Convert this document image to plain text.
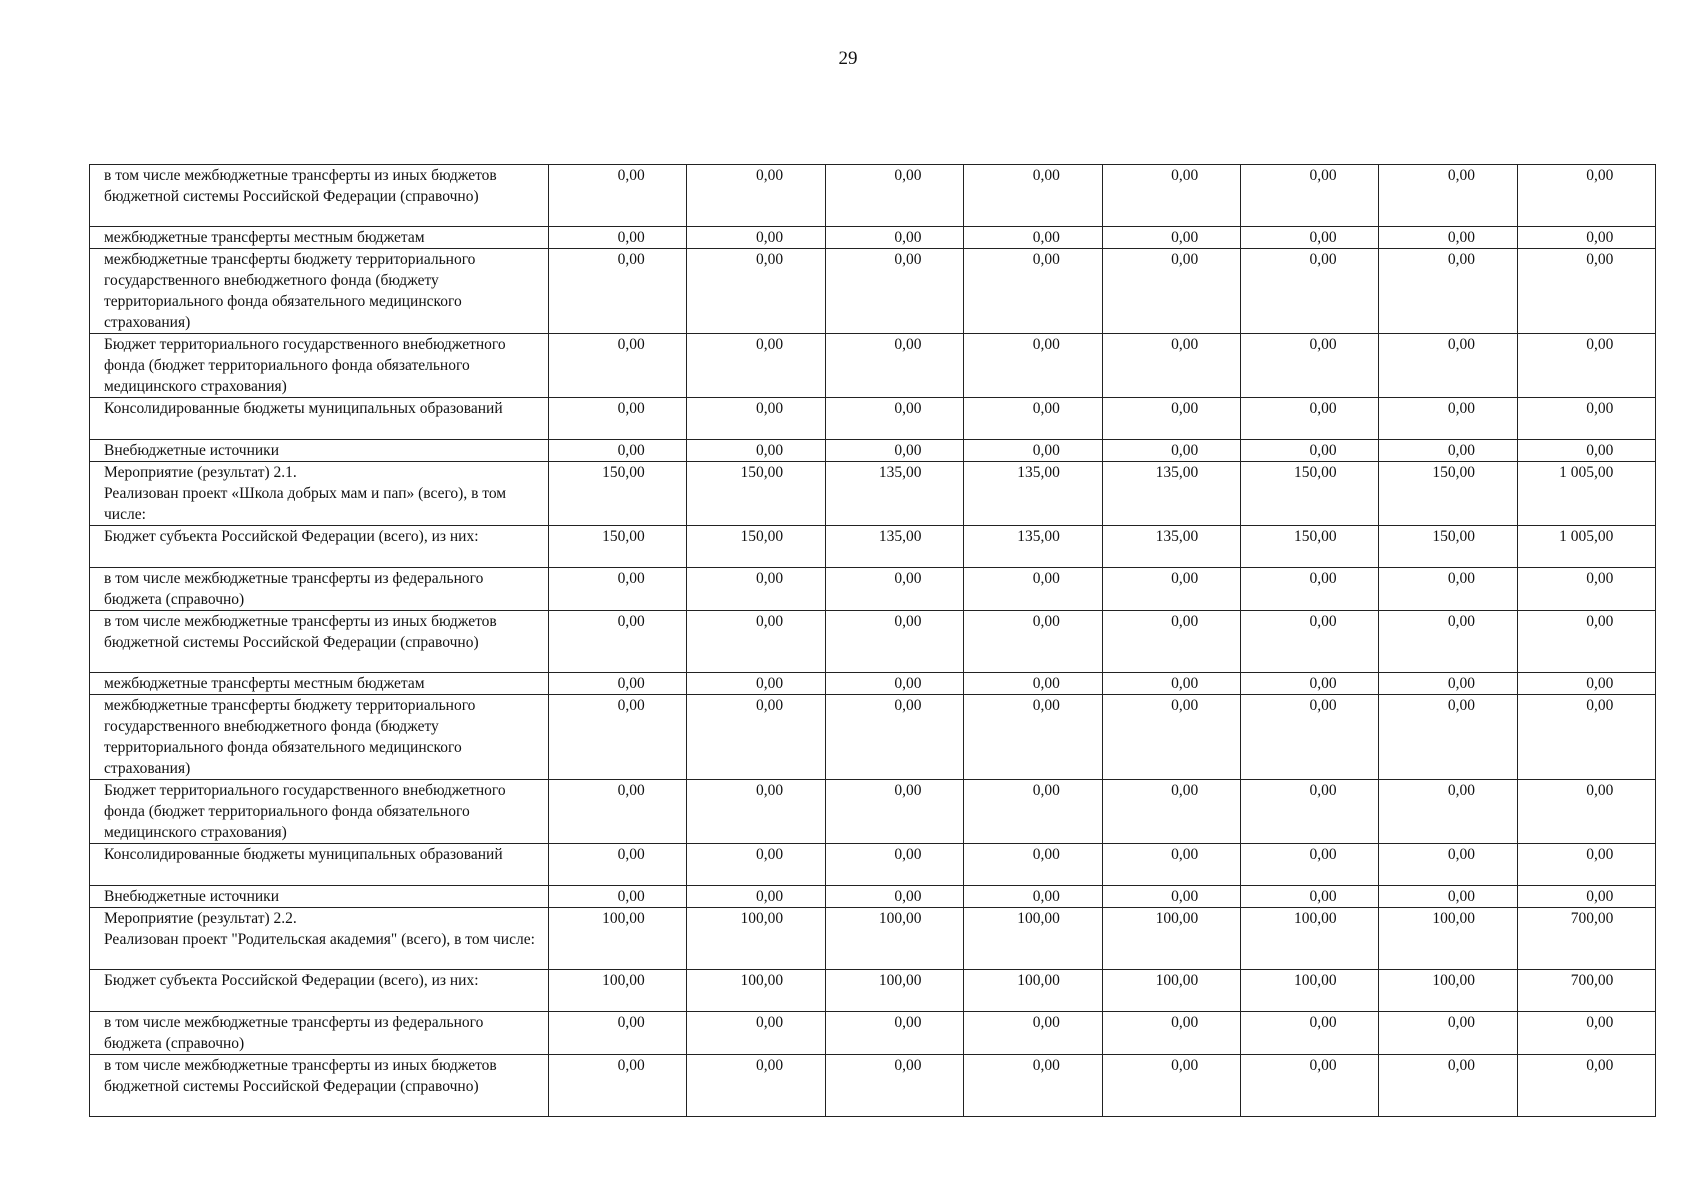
29
в том числе межбюджетные трансферты из иных бюджетов бюджетной системы Российской Федерации (справочно)	0,00	0,00	0,00	0,00	0,00	0,00	0,00	0,00
межбюджетные трансферты местным бюджетам	0,00	0,00	0,00	0,00	0,00	0,00	0,00	0,00
межбюджетные трансферты бюджету территориального государственного внебюджетного фонда (бюджету территориального фонда обязательного медицинского страхования)	0,00	0,00	0,00	0,00	0,00	0,00	0,00	0,00
Бюджет территориального государственного внебюджетного фонда (бюджет территориального фонда обязательного медицинского страхования)	0,00	0,00	0,00	0,00	0,00	0,00	0,00	0,00
Консолидированные бюджеты муниципальных образований	0,00	0,00	0,00	0,00	0,00	0,00	0,00	0,00
Внебюджетные источники	0,00	0,00	0,00	0,00	0,00	0,00	0,00	0,00
Мероприятие (результат) 2.1.
Реализован проект «Школа добрых мам и пап» (всего), в том числе:	150,00	150,00	135,00	135,00	135,00	150,00	150,00	1 005,00
Бюджет субъекта Российской Федерации (всего), из них:	150,00	150,00	135,00	135,00	135,00	150,00	150,00	1 005,00
в том числе межбюджетные трансферты из федерального бюджета (справочно)	0,00	0,00	0,00	0,00	0,00	0,00	0,00	0,00
в том числе межбюджетные трансферты из иных бюджетов бюджетной системы Российской Федерации (справочно)	0,00	0,00	0,00	0,00	0,00	0,00	0,00	0,00
межбюджетные трансферты местным бюджетам	0,00	0,00	0,00	0,00	0,00	0,00	0,00	0,00
межбюджетные трансферты бюджету территориального государственного внебюджетного фонда (бюджету территориального фонда обязательного медицинского страхования)	0,00	0,00	0,00	0,00	0,00	0,00	0,00	0,00
Бюджет территориального государственного внебюджетного фонда (бюджет территориального фонда обязательного медицинского страхования)	0,00	0,00	0,00	0,00	0,00	0,00	0,00	0,00
Консолидированные бюджеты муниципальных образований	0,00	0,00	0,00	0,00	0,00	0,00	0,00	0,00
Внебюджетные источники	0,00	0,00	0,00	0,00	0,00	0,00	0,00	0,00
Мероприятие (результат) 2.2.
Реализован проект "Родительская академия" (всего), в том числе:	100,00	100,00	100,00	100,00	100,00	100,00	100,00	700,00
Бюджет субъекта Российской Федерации (всего), из них:	100,00	100,00	100,00	100,00	100,00	100,00	100,00	700,00
в том числе межбюджетные трансферты из федерального бюджета (справочно)	0,00	0,00	0,00	0,00	0,00	0,00	0,00	0,00
в том числе межбюджетные трансферты из иных бюджетов бюджетной системы Российской Федерации (справочно)	0,00	0,00	0,00	0,00	0,00	0,00	0,00	0,00
